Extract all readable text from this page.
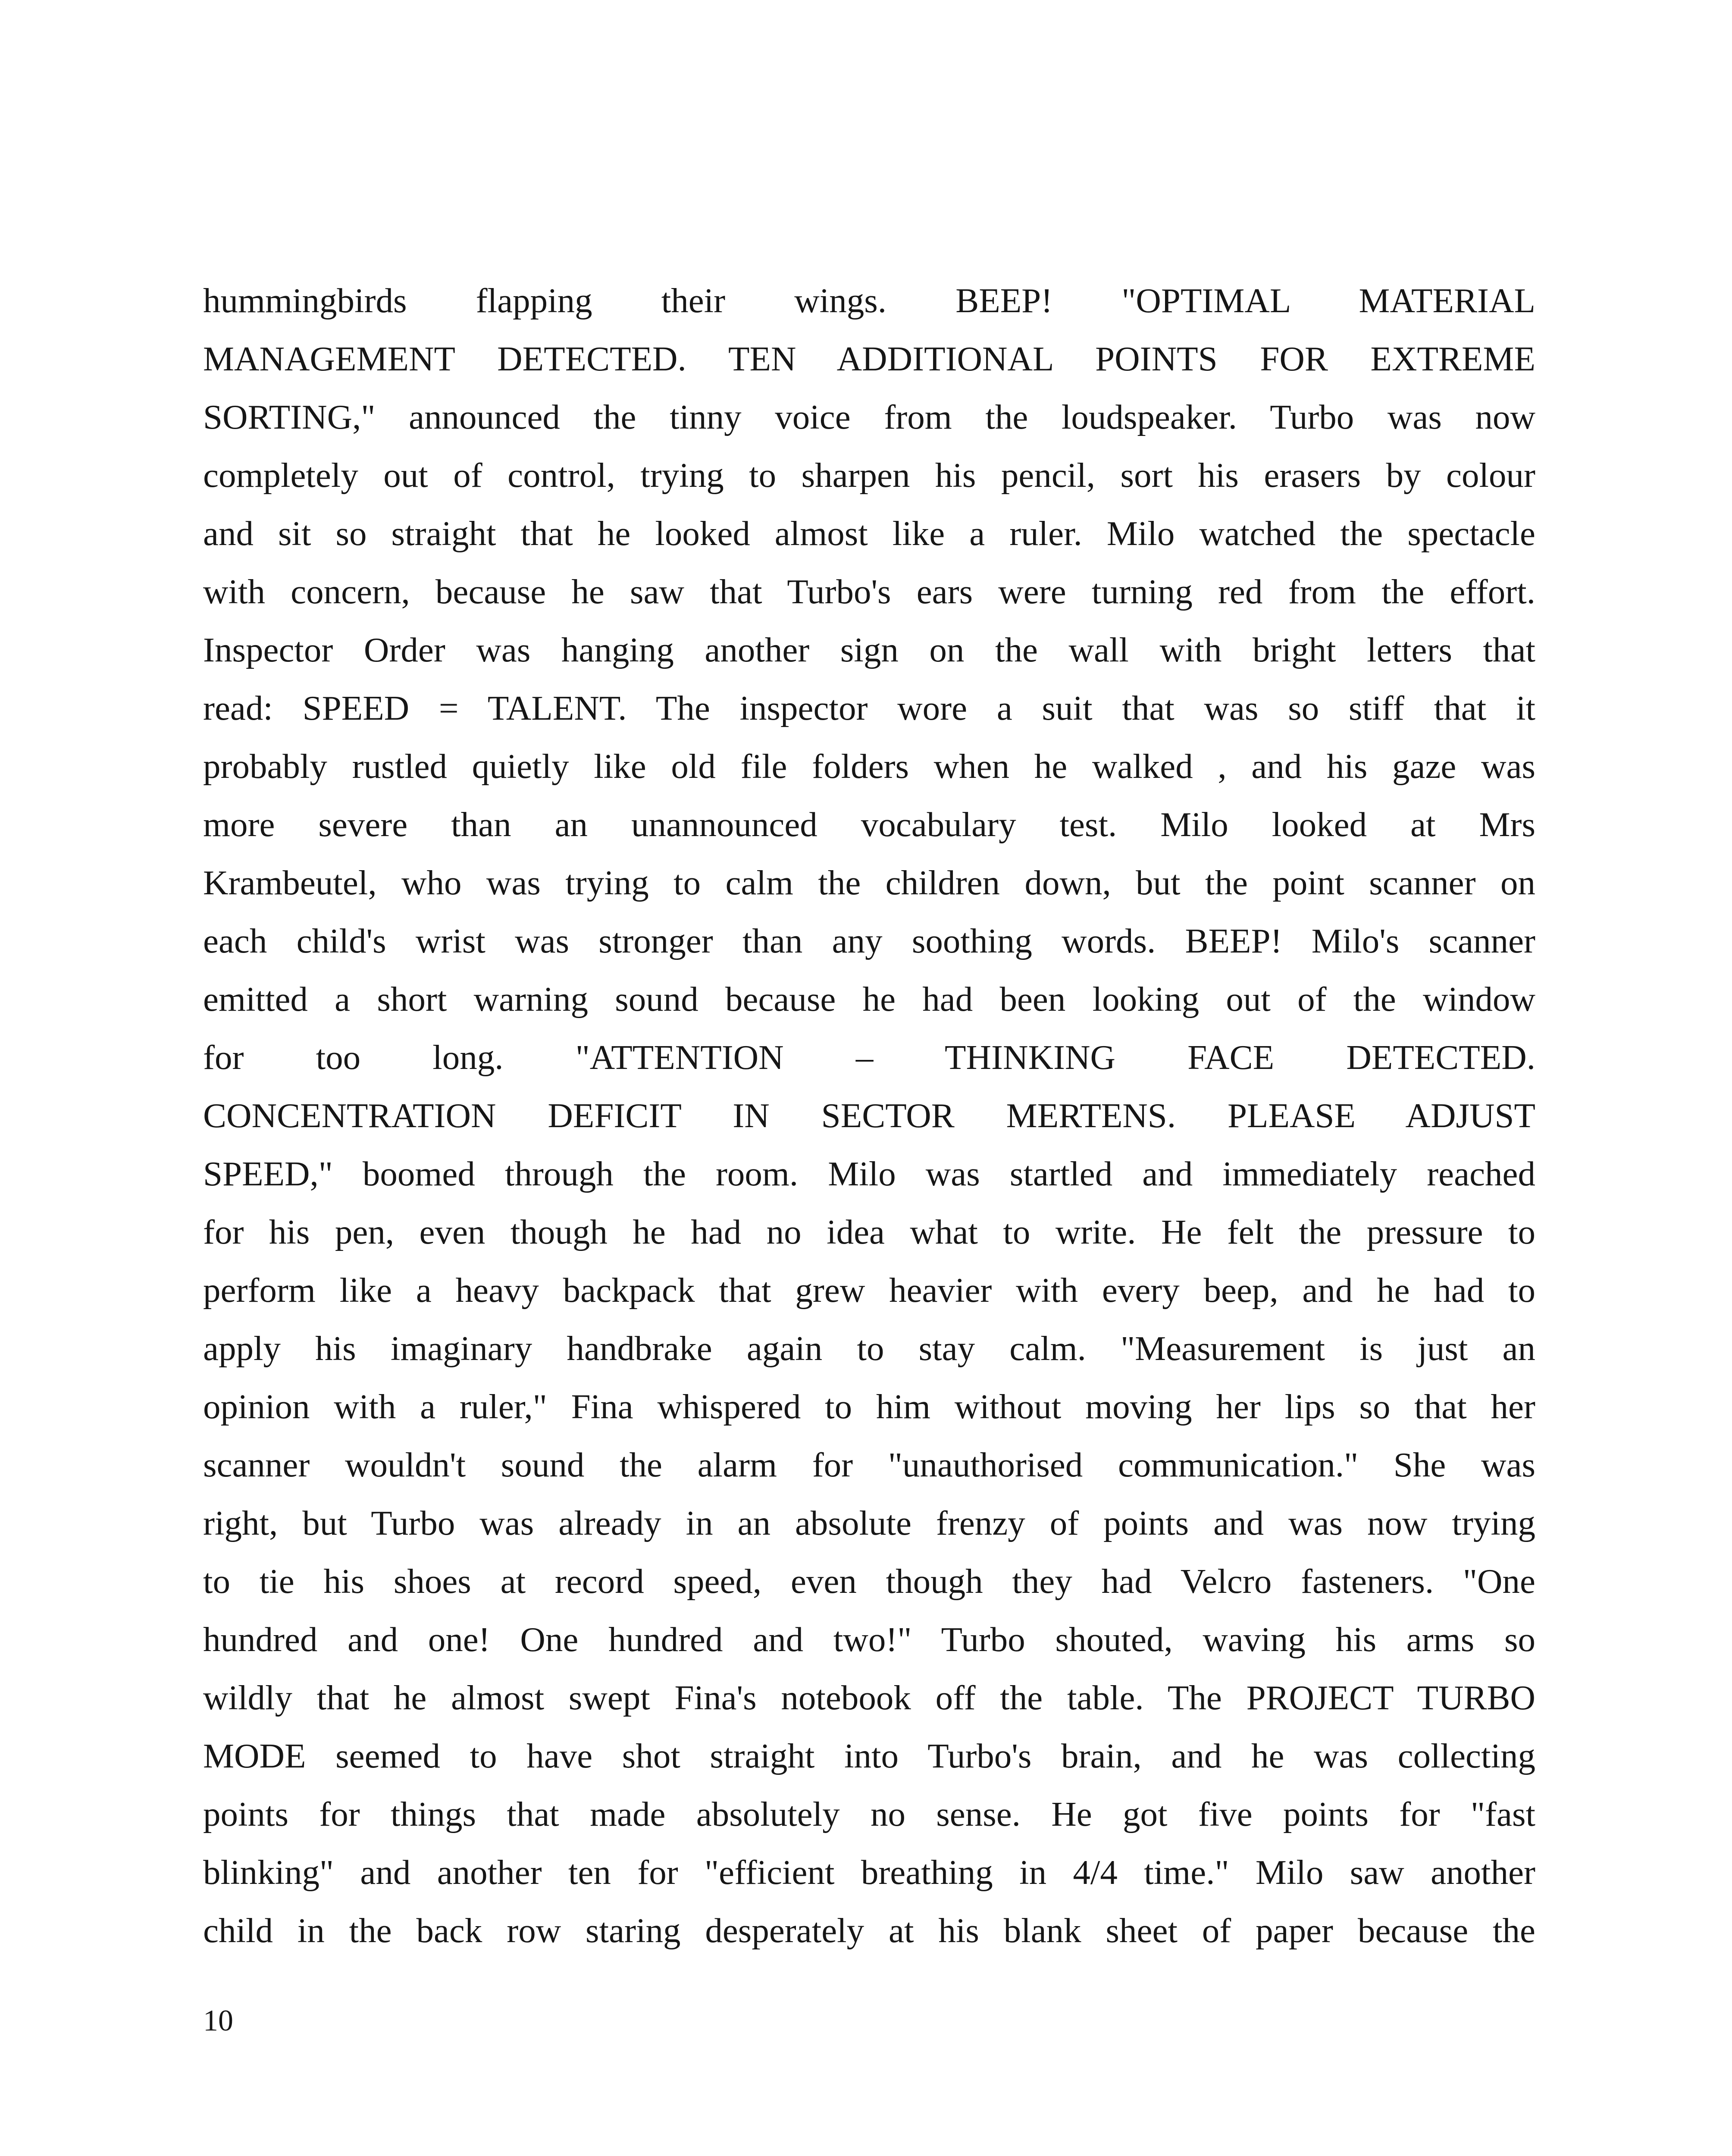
hummingbirds flapping their wings. BEEP! "OPTIMAL MATERIAL
MANAGEMENT DETECTED. TEN ADDITIONAL POINTS FOR EXTREME
SORTING," announced the tinny voice from the loudspeaker. Turbo was now
completely out of control, trying to sharpen his pencil, sort his erasers by colour
and sit so straight that he looked almost like a ruler. Milo watched the spectacle
with concern, because he saw that Turbo's ears were turning red from the effort.
Inspector Order was hanging another sign on the wall with bright letters that
read: SPEED = TALENT. The inspector wore a suit that was so stiff that it
probably rustled quietly like old file folders when he walked , and his gaze was
more severe than an unannounced vocabulary test. Milo looked at Mrs
Krambeutel, who was trying to calm the children down, but the point scanner on
each child's wrist was stronger than any soothing words. BEEP! Milo's scanner
emitted a short warning sound because he had been looking out of the window
for too long. "ATTENTION – THINKING FACE DETECTED.
CONCENTRATION DEFICIT IN SECTOR MERTENS. PLEASE ADJUST
SPEED," boomed through the room. Milo was startled and immediately reached
for his pen, even though he had no idea what to write. He felt the pressure to
perform like a heavy backpack that grew heavier with every beep, and he had to
apply his imaginary handbrake again to stay calm. "Measurement is just an
opinion with a ruler," Fina whispered to him without moving her lips so that her
scanner wouldn't sound the alarm for "unauthorised communication." She was
right, but Turbo was already in an absolute frenzy of points and was now trying
to tie his shoes at record speed, even though they had Velcro fasteners. "One
hundred and one! One hundred and two!" Turbo shouted, waving his arms so
wildly that he almost swept Fina's notebook off the table. The PROJECT TURBO
MODE seemed to have shot straight into Turbo's brain, and he was collecting
points for things that made absolutely no sense. He got five points for "fast
blinking" and another ten for "efficient breathing in 4/4 time." Milo saw another
child in the back row staring desperately at his blank sheet of paper because the

10
